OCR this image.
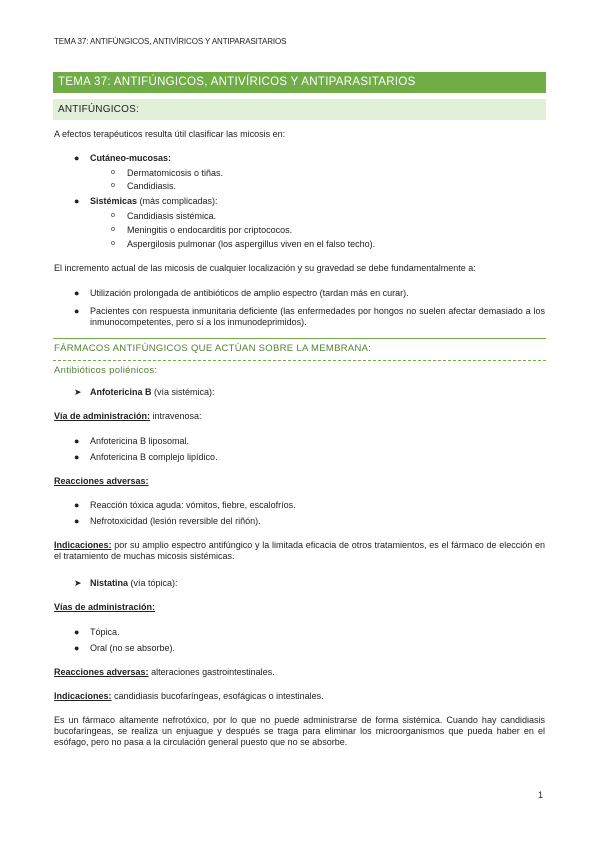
TEMA 37: ANTIFÚNGICOS, ANTIVÍRICOS Y ANTIPARASITARIOS
TEMA 37: ANTIFÚNGICOS, ANTIVÍRICOS Y ANTIPARASITARIOS
ANTIFÚNGICOS:
A efectos terapéuticos resulta útil clasificar las micosis en:
● Cutáneo-mucosas:
o Dermatomicosis o tiñas.
o Candidiasis.
● Sistémicas (más complicadas):
o Candidiasis sistémica.
o Meningitis o endocarditis por criptococos.
o Aspergilosis pulmonar (los aspergillus viven en el falso techo).
El incremento actual de las micosis de cualquier localización y su gravedad se debe fundamentalmente a:
● Utilización prolongada de antibióticos de amplio espectro (tardan más en curar).
● Pacientes con respuesta inmunitaria deficiente (las enfermedades por hongos no suelen afectar demasiado a los inmunocompetentes, pero sí a los inmunodeprimidos).
FÁRMACOS ANTIFÚNGICOS QUE ACTÚAN SOBRE LA MEMBRANA:
Antibióticos poliénicos:
➤ Anfotericina B (vía sistémica):
Vía de administración: intravenosa:
● Anfotericina B liposomal.
● Anfotericina B complejo lipídico.
Reacciones adversas:
● Reacción tóxica aguda: vómitos, fiebre, escalofríos.
● Nefrotoxicidad (lesión reversible del riñón).
Indicaciones: por su amplio espectro antifúngico y la limitada eficacia de otros tratamientos, es el fármaco de elección en el tratamiento de muchas micosis sistémicas.
➤ Nistatina (vía tópica):
Vías de administración:
● Tópica.
● Oral (no se absorbe).
Reacciones adversas: alteraciones gastrointestinales.
Indicaciones: candidiasis bucofaríngeas, esofágicas o intestinales.
Es un fármaco altamente nefrotóxico, por lo que no puede administrarse de forma sistémica. Cuando hay candidiasis bucofaríngeas, se realiza un enjuague y después se traga para eliminar los microorganismos que pueda haber en el esófago, pero no pasa a la circulación general puesto que no se absorbe.
1
